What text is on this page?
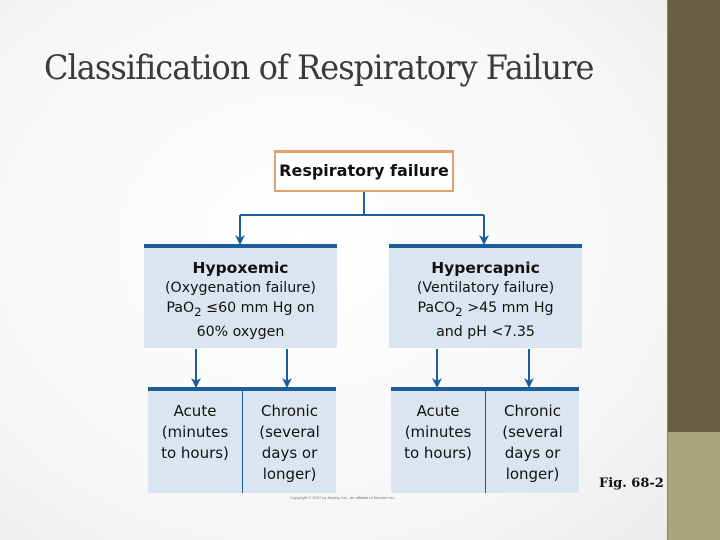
Classification of Respiratory Failure
Respiratory failure
Hypoxemic
(Oxygenation failure)
PaO$_2$ ≤60 mm Hg on
60% oxygen
Hypercapnic
(Ventilatory failure)
PaCO$_2$ >45 mm Hg
and pH <7.35
Acute
(minutes
to hours)
Chronic
(several
days or
longer)
Acute
(minutes
to hours)
Chronic
(several
days or
longer)
Copyright © 2007 by Mosby, Inc., an affiliate of Elsevier Inc.
Fig. 68-2
